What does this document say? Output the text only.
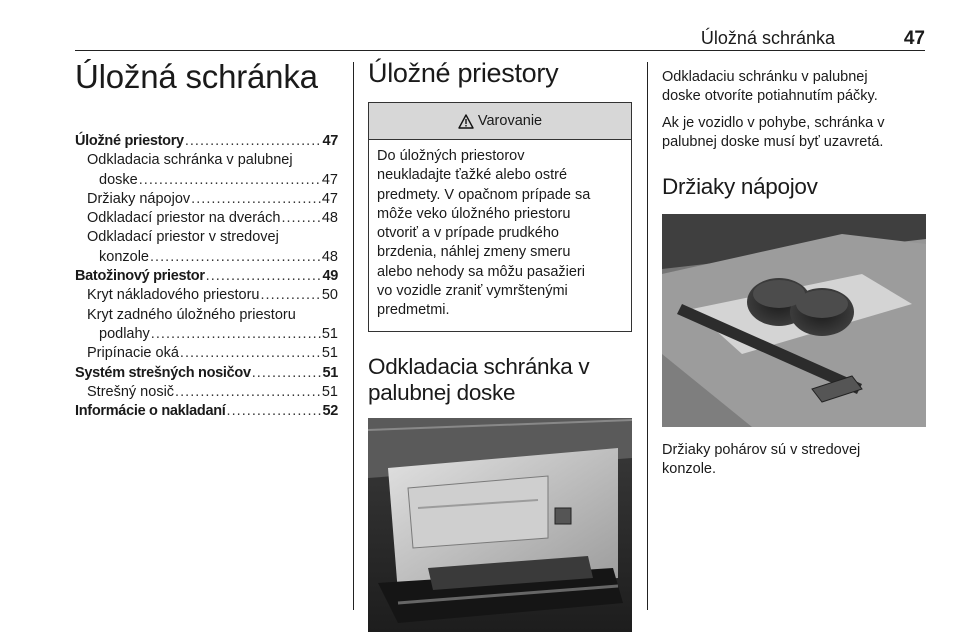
Úložná schránka	47
Úložná schránka
Úložné priestory . . .	47
Odkladacia schránka v palubnej
doske . . .	47
Držiaky nápojov . . .	47
Odkladací priestor na dverách . . .	48
Odkladací priestor v stredovej
konzole . . .	48
Batožinový priestor . . .	49
Kryt nákladového priestoru . . .	50
Kryt zadného úložného priestoru
podlahy . . .	51
Pripínacie oká . . .	51
Systém strešných nosičov . . .	51
Strešný nosič . . .	51
Informácie o nakladaní . . .	52
Úložné priestory
Varovanie
Do úložných priestorov
neukladajte ťažké alebo ostré
predmety. V opačnom prípade sa
môže veko úložného priestoru
otvoriť a v prípade prudkého
brzdenia, náhlej zmeny smeru
alebo nehody sa môžu pasažieri
vo vozidle zraniť vymrštenými
predmetmi.
Odkladacia schránka v
palubnej doske

Odkladaciu schránku v palubnej
doske otvoríte potiahnutím páčky.

Ak je vozidlo v pohybe, schránka v
palubnej doske musí byť uzavretá.

Držiaky nápojov

Držiaky pohárov sú v stredovej
konzole.
